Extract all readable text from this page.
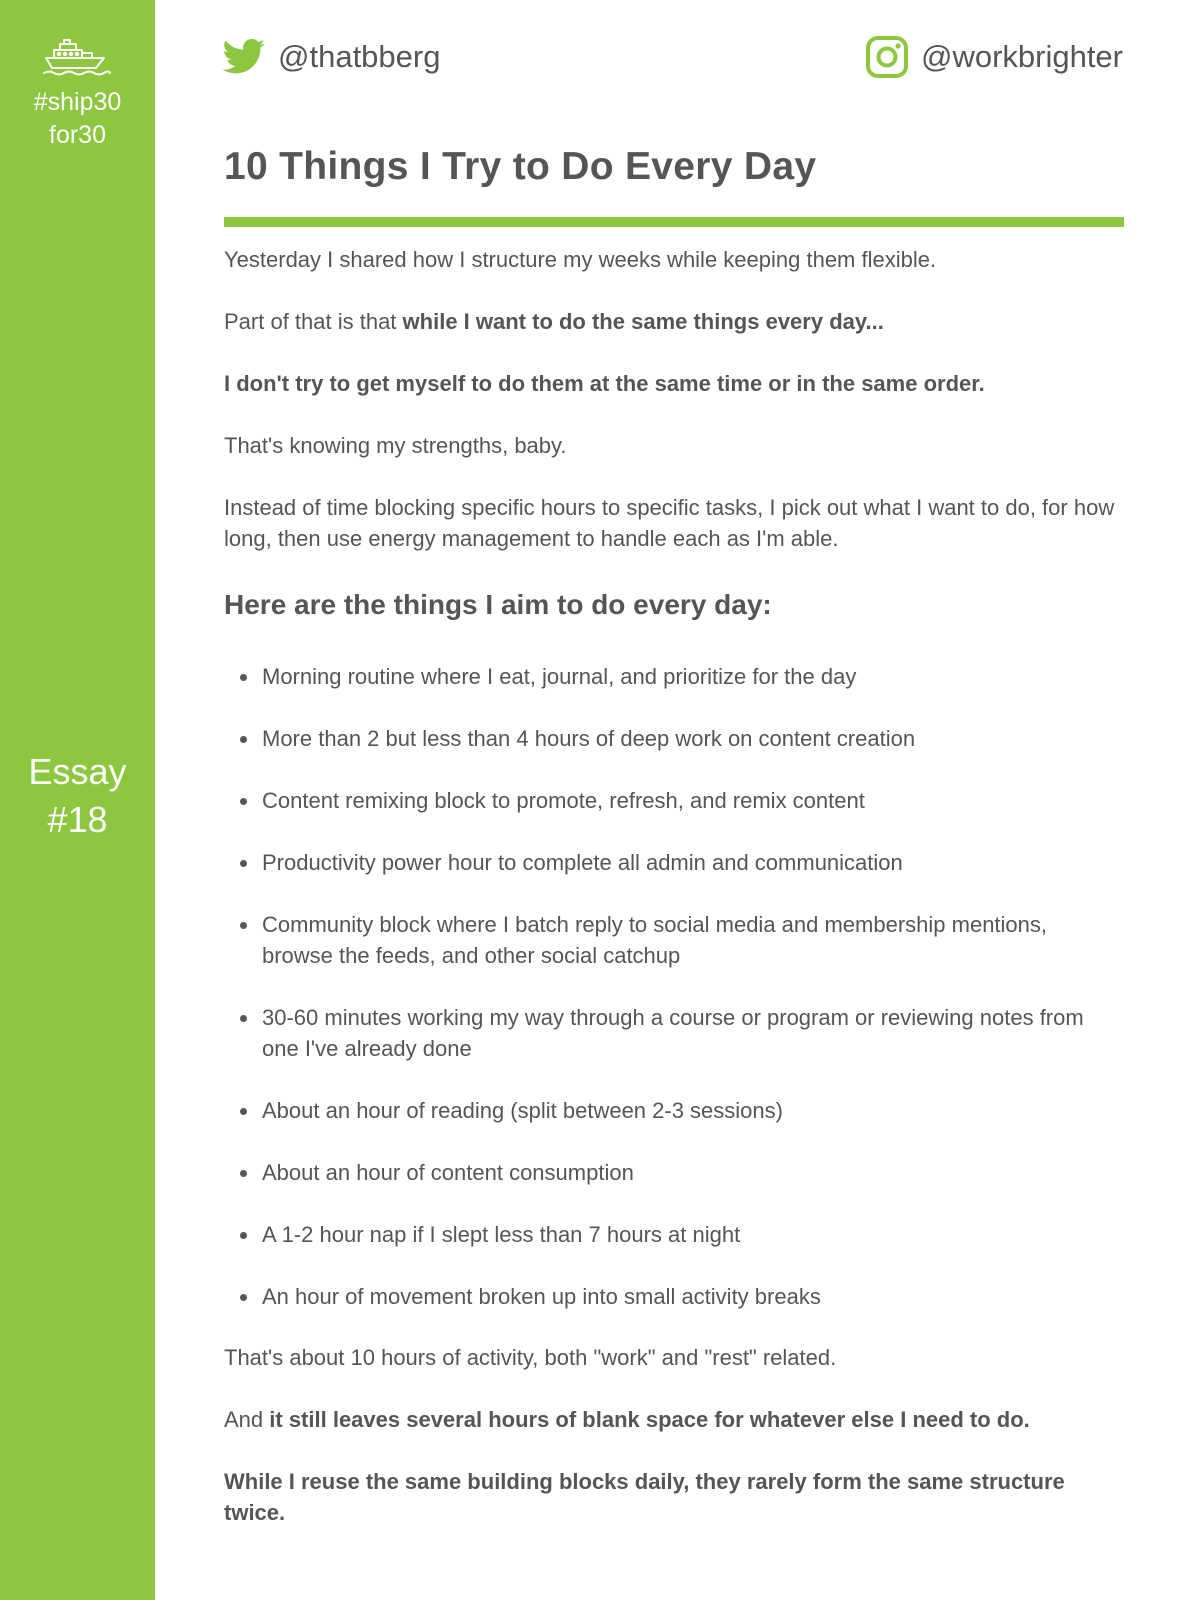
#ship30
for30
Essay
#18
@thatbberg	@workbrighter
10 Things I Try to Do Every Day

Yesterday I shared how I structure my weeks while keeping them flexible.

Part of that is that while I want to do the same things every day...

I don't try to get myself to do them at the same time or in the same order.

That's knowing my strengths, baby.

Instead of time blocking specific hours to specific tasks, I pick out what I want to do, for how long, then use energy management to handle each as I'm able.

Here are the things I aim to do every day:
Morning routine where I eat, journal, and prioritize for the day
More than 2 but less than 4 hours of deep work on content creation
Content remixing block to promote, refresh, and remix content
Productivity power hour to complete all admin and communication
Community block where I batch reply to social media and membership mentions, browse the feeds, and other social catchup
30-60 minutes working my way through a course or program or reviewing notes from one I've already done
About an hour of reading (split between 2-3 sessions)
About an hour of content consumption
A 1-2 hour nap if I slept less than 7 hours at night
An hour of movement broken up into small activity breaks

That's about 10 hours of activity, both "work" and "rest" related.

And it still leaves several hours of blank space for whatever else I need to do.

While I reuse the same building blocks daily, they rarely form the same structure twice.
